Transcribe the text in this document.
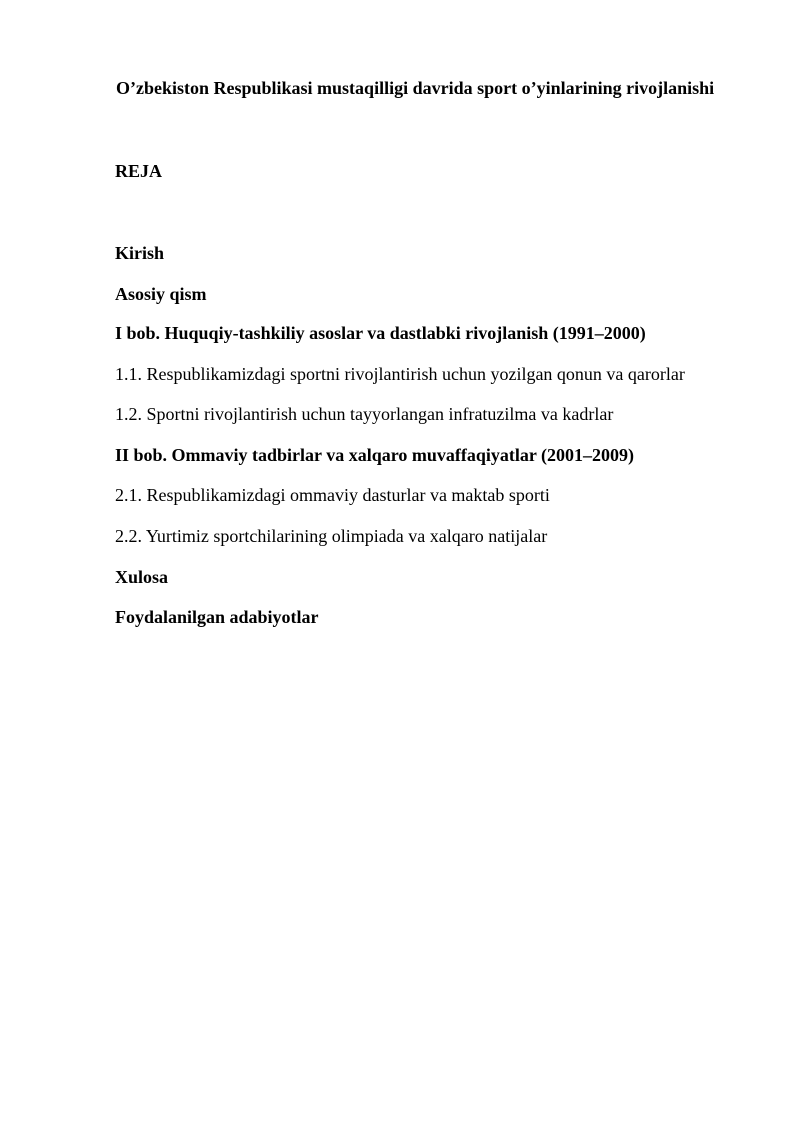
O’zbekiston Respublikasi mustaqilligi davrida sport o’yinlarining rivojlanishi
REJA
Kirish
Asosiy qism
I bob. Huquqiy-tashkiliy asoslar va dastlabki rivojlanish (1991–2000)
1.1. Respublikamizdagi sportni rivojlantirish uchun yozilgan qonun va qarorlar
1.2. Sportni rivojlantirish uchun tayyorlangan infratuzilma va kadrlar
II bob. Ommaviy tadbirlar va xalqaro muvaffaqiyatlar (2001–2009)
2.1. Respublikamizdagi ommaviy dasturlar va maktab sporti
2.2. Yurtimiz sportchilarining olimpiada va xalqaro natijalar
Xulosa
Foydalanilgan adabiyotlar
